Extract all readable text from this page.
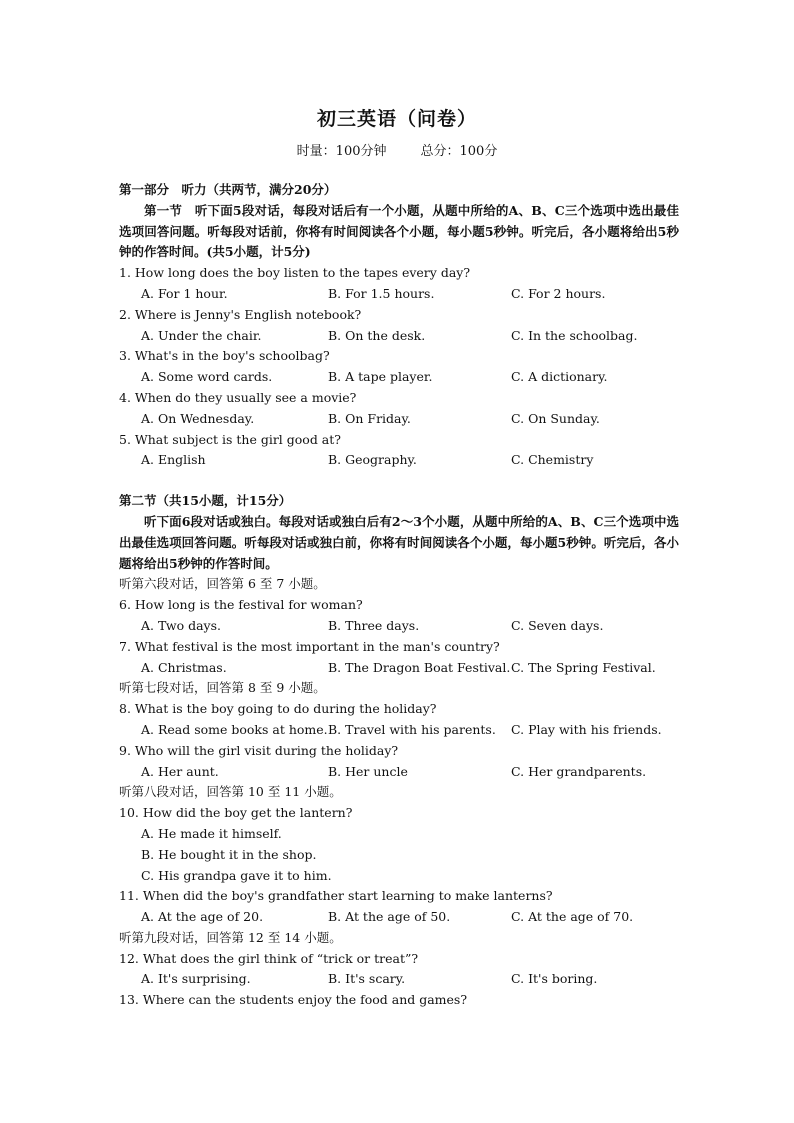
初三英语（问卷）
时量：100分钟	总分：100分
第一部分　听力（共两节，满分20分）
第一节　听下面5段对话，每段对话后有一个小题，从题中所给的A、B、C三个选项中选出最佳选项回答问题。听每段对话前，你将有时间阅读各个小题，每小题5秒钟。听完后，各小题将给出5秒钟的作答时间。(共5小题，计5分)
1. How long does the boy listen to the tapes every day?
A. For 1 hour.	B. For 1.5 hours.	C. For 2 hours.
2. Where is Jenny's English notebook?
A. Under the chair.	B. On the desk.	C. In the schoolbag.
3. What's in the boy's schoolbag?
A. Some word cards.	B. A tape player.	C. A dictionary.
4. When do they usually see a movie?
A. On Wednesday.	B. On Friday.	C. On Sunday.
5. What subject is the girl good at?
A. English	B. Geography.	C. Chemistry
第二节（共15小题，计15分）
听下面6段对话或独白。每段对话或独白后有2～3个小题，从题中所给的A、B、C三个选项中选出最佳选项回答问题。听每段对话或独白前，你将有时间阅读各个小题，每小题5秒钟。听完后，各小题将给出5秒钟的作答时间。
听第六段对话，回答第 6 至 7 小题。
6. How long is the festival for woman?
A. Two days.	B. Three days.	C. Seven days.
7. What festival is the most important in the man's country?
A. Christmas.	B. The Dragon Boat Festival. C. The Spring Festival.
听第七段对话，回答第 8 至 9 小题。
8. What is the boy going to do during the holiday?
A. Read some books at home. B. Travel with his parents. C. Play with his friends.
9. Who will the girl visit during the holiday?
A. Her aunt.	B. Her uncle	C. Her grandparents.
听第八段对话，回答第 10 至 11 小题。
10. How did the boy get the lantern?
A. He made it himself.
B. He bought it in the shop.
C. His grandpa gave it to him.
11. When did the boy's grandfather start learning to make lanterns?
A. At the age of 20.	B. At the age of 50.	C. At the age of 70.
听第九段对话，回答第 12 至 14 小题。
12. What does the girl think of “trick or treat”?
A. It's surprising.	B. It's scary.	C. It's boring.
13. Where can the students enjoy the food and games?
